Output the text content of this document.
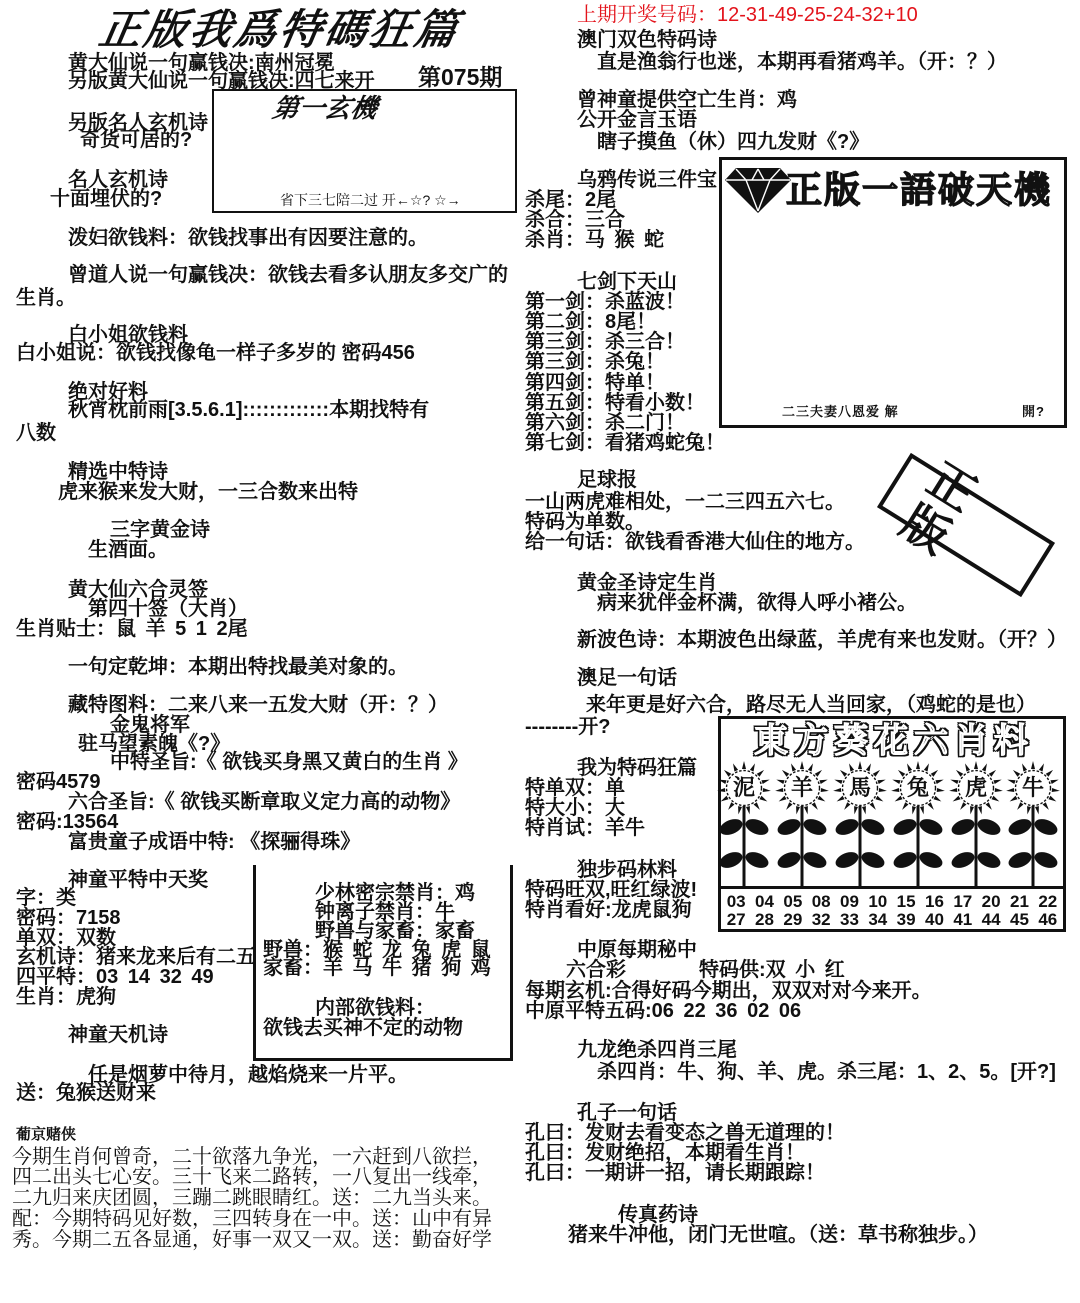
正版我爲特碼狂篇
黄大仙说一句赢钱决:南州冠冕
另版黄大仙说一句赢钱决:四七来开 第075期
第一玄機
省下三七陪二过 开←☆? ☆→
另版名人玄机诗
奇货可居的?
名人玄机诗
十面埋伏的?
泼妇欲钱料：欲钱找事出有因要注意的。
曾道人说一句赢钱决：欲钱去看多认朋友多交广的
生肖。
白小姐欲钱料
白小姐说：欲钱找像龟一样子多岁的 密码456
绝对好料
秋宵枕前雨[3.5.6.1]:::::::::::::本期找特有
八数
精选中特诗
虎来猴来发大财，一三合数来出特
三字黄金诗
生酒面。
黄大仙六合灵签
第四十签（大肖）
生肖贴士：鼠 羊 5 1 2尾
一句定乾坤：本期出特找最美对象的。
藏特图料：二来八来一五发大财（开：？）
金鬼将军
驻马望素魄《?》
中特圣旨:《 欲钱买身黑又黄白的生肖 》
密码4579
六合圣旨:《 欲钱买断章取义定力高的动物》
密码:13564
富贵童子成语中特: 《探骊得珠》
神童平特中天奖
字：类
密码：7158
单双：双数
玄机诗：猪来龙来后有二五
四平特：03 14 32 49
生肖：虎狗
神童天机诗
少林密宗禁肖：鸡
钟离子禁肖：牛
野兽与家畜：家畜
野兽：猴 蛇 龙 兔 虎 鼠
家畜：羊 马 牛 猪 狗 鸡
内部欲钱料：
欲钱去买神不定的动物
任是烟萝中待月，越焰烧来一片平。
送：兔猴送财来
葡京赌侠
今期生肖何曾奇，二十欲落九争光，一六赶到八欲拦，
四二出头七心安。三十飞来二路转，一八复出一线牵，
二九归来庆团圆，三蹦二跳眼睛红。送：二九当头来。
配：今期特码见好数，三四转身在一中。送：山中有异
秀。今期二五各显通，好事一双又一双。送：勤奋好学
上期开奖号码：12-31-49-25-24-32+10
澳门双色特码诗
直是渔翁行也迷，本期再看猪鸡羊。（开：？）
曾神童提供空亡生肖：鸡
公开金言玉语
瞎子摸鱼（休）四九发财《?》
乌鸦传说三件宝
杀尾：2尾
杀合：三合
杀肖：马 猴 蛇
七剑下天山
第一剑：杀蓝波！
第二剑：8尾！
第三剑：杀三合！
第三剑：杀兔！
第四剑：特单！
第五剑：特看小数！
第六剑：杀二门！
第七剑：看猪鸡蛇兔！
正版一語破天機
二三夫妻八恩爱 解	開?
正版
足球报
一山两虎难相处，一二三四五六七。
特码为单数。
给一句话：欲钱看香港大仙住的地方。
黄金圣诗定生肖
病来犹伴金杯满，欲得人呼小褚公。
新波色诗：本期波色出绿蓝，羊虎有来也发财。（开？）
澳足一句话
来年更是好六合，路尽无人当回家，（鸡蛇的是也）
--------开?
我为特码狂篇
特单双：单
特大小：大
特肖试：羊牛
独步码林料
特码旺双,旺红绿波!
特肖看好:龙虎鼠狗
東方葵花六肖料
泥 羊 馬 兔 虎 牛
03 04 05 08 09 10 15 16 17 20 21 22
27 28 29 32 33 34 39 40 41 44 45 46
中原每期秘中
六合彩	特码供:双 小 红
每期玄机:合得好码今期出，双双对对今来开。
中原平特五码:06 22 36 02 06
九龙绝杀四肖三尾
杀四肖：牛、狗、羊、虎。杀三尾：1、2、5。[开?]
孔子一句话
孔曰：发财去看变态之兽无道理的！
孔曰：发财绝招，本期看生肖！
孔曰：一期讲一招，请长期跟踪！
传真药诗
猪来牛冲他，闭门无世喧。（送：草书称独步。）
